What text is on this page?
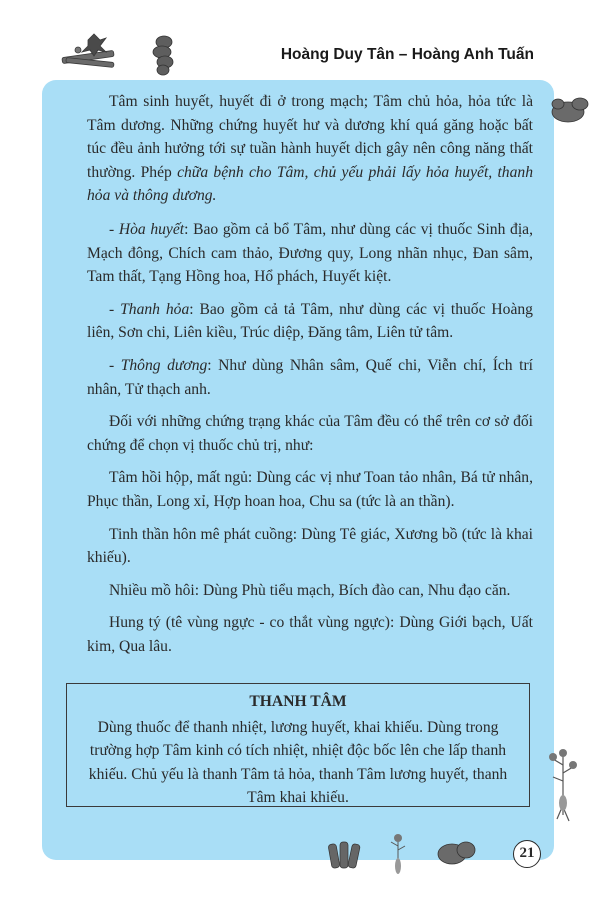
Hoàng Duy Tân – Hoàng Anh Tuấn

Tâm sinh huyết, huyết đi ở trong mạch; Tâm chủ hỏa, hỏa tức là Tâm dương. Những chứng huyết hư và dương khí quá găng hoặc bất túc đều ảnh hưởng tới sự tuần hành huyết dịch gây nên công năng thất thường. Phép chữa bệnh cho Tâm, chủ yếu phải lấy hỏa huyết, thanh hỏa và thông dương.

- Hòa huyết: Bao gồm cả bổ Tâm, như dùng các vị thuốc Sinh địa, Mạch đông, Chích cam thảo, Đương quy, Long nhãn nhục, Đan sâm, Tam thất, Tạng Hồng hoa, Hổ phách, Huyết kiệt.

- Thanh hỏa: Bao gồm cả tả Tâm, như dùng các vị thuốc Hoàng liên, Sơn chi, Liên kiều, Trúc diệp, Đăng tâm, Liên tử tâm.

- Thông dương: Như dùng Nhân sâm, Quế chi, Viễn chí, Ích trí nhân, Tử thạch anh.

Đối với những chứng trạng khác của Tâm đều có thể trên cơ sở đối chứng để chọn vị thuốc chủ trị, như:

Tâm hồi hộp, mất ngủ: Dùng các vị như Toan tảo nhân, Bá tử nhân, Phục thần, Long xỉ, Hợp hoan hoa, Chu sa (tức là an thần).

Tinh thần hôn mê phát cuồng: Dùng Tê giác, Xương bồ (tức là khai khiếu).

Nhiều mồ hôi: Dùng Phù tiểu mạch, Bích đào can, Nhu đạo căn.

Hung tý (tê vùng ngực - co thắt vùng ngực): Dùng Giới bạch, Uất kim, Qua lâu.

THANH TÂM
Dùng thuốc để thanh nhiệt, lương huyết, khai khiếu. Dùng trong trường hợp Tâm kinh có tích nhiệt, nhiệt độc bốc lên che lấp thanh khiếu. Chủ yếu là thanh Tâm tả hỏa, thanh Tâm lương huyết, thanh Tâm khai khiếu.
21
